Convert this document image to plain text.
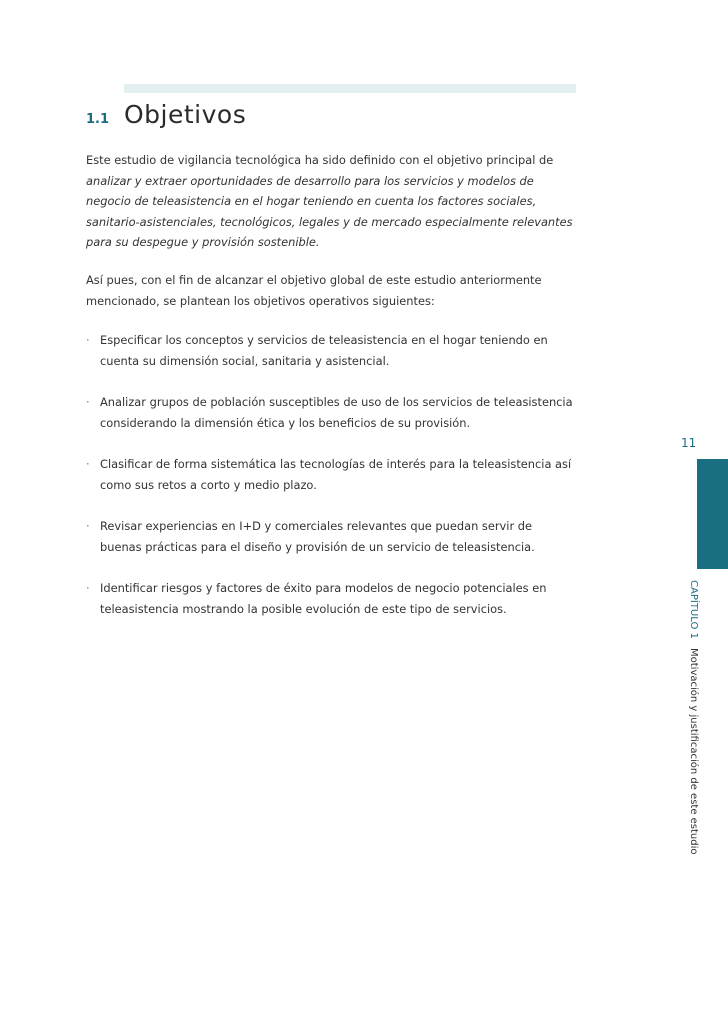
1.1 Objetivos
Este estudio de vigilancia tecnológica ha sido definido con el objetivo principal de analizar y extraer oportunidades de desarrollo para los servicios y modelos de negocio de teleasistencia en el hogar teniendo en cuenta los factores sociales, sanitario-asistenciales, tecnológicos, legales y de mercado especialmente relevantes para su despegue y provisión sostenible.
Así pues, con el fin de alcanzar el objetivo global de este estudio anteriormente mencionado, se plantean los objetivos operativos siguientes:
· Especificar los conceptos y servicios de teleasistencia en el hogar teniendo en cuenta su dimensión social, sanitaria y asistencial.
· Analizar grupos de población susceptibles de uso de los servicios de teleasistencia considerando la dimensión ética y los beneficios de su provisión.
· Clasificar de forma sistemática las tecnologías de interés para la teleasistencia así como sus retos a corto y medio plazo.
· Revisar experiencias en I+D y comerciales relevantes que puedan servir de buenas prácticas para el diseño y provisión de un servicio de teleasistencia.
· Identificar riesgos y factores de éxito para modelos de negocio potenciales en teleasistencia mostrando la posible evolución de este tipo de servicios.
11
CAPÍTULO 1 Motivación y justificación de este estudio
